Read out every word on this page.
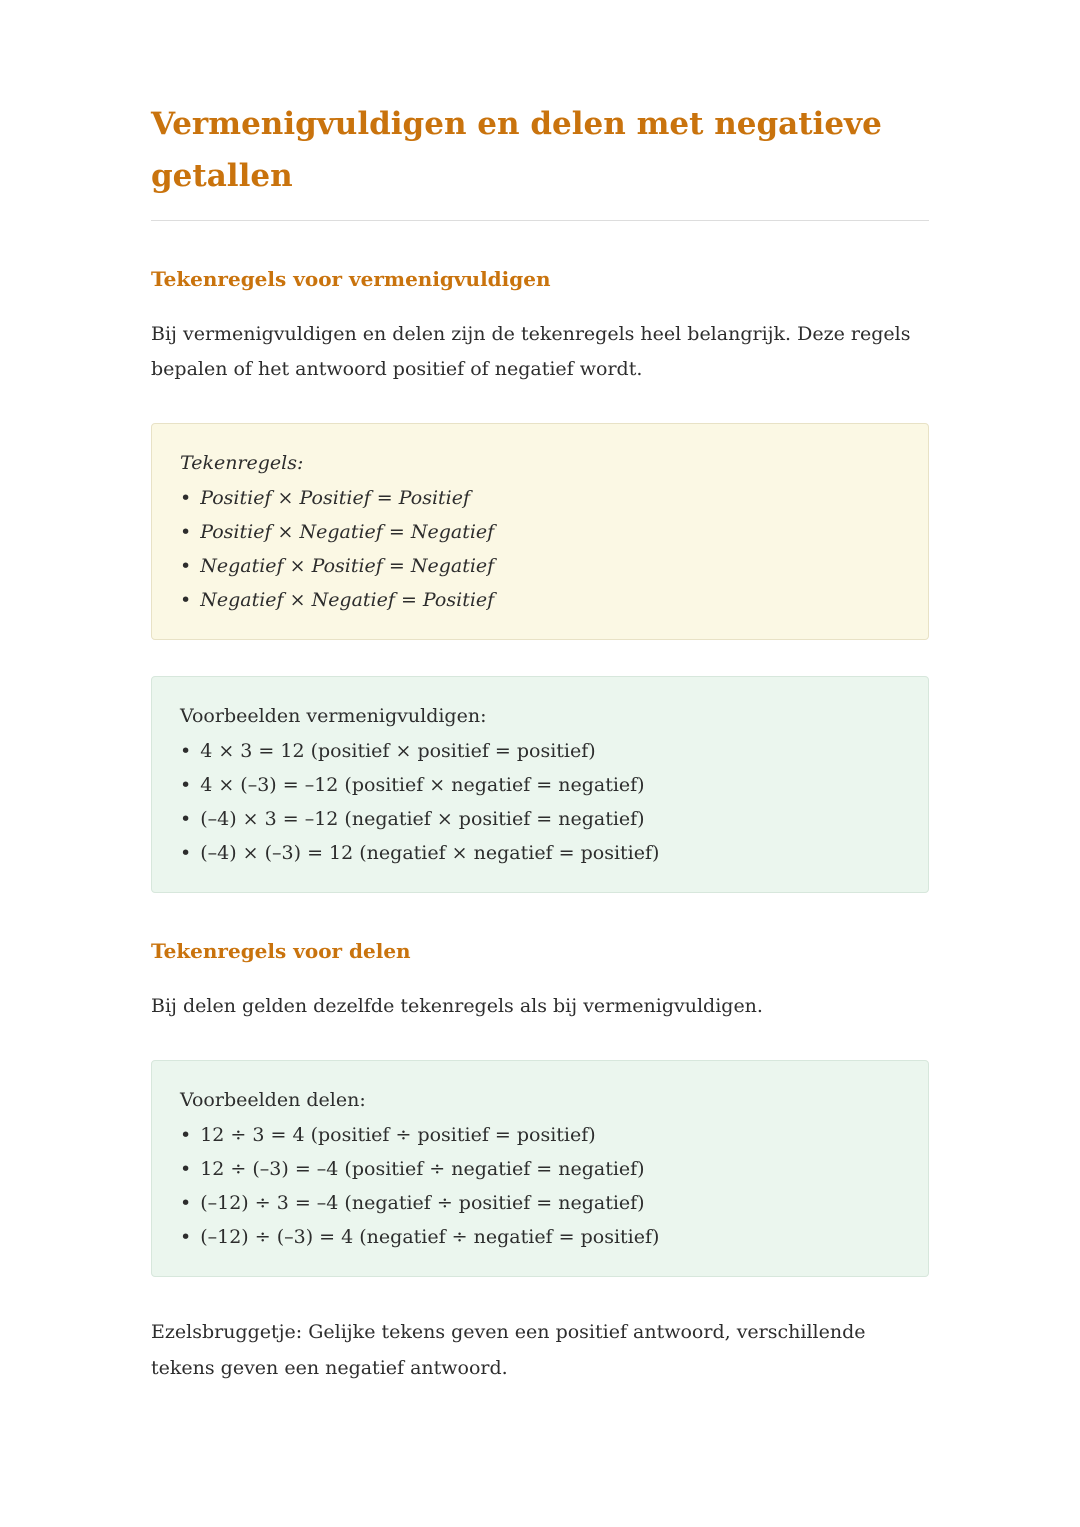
Vermenigvuldigen en delen met negatieve
getallen
Tekenregels voor vermenigvuldigen

Bij vermenigvuldigen en delen zijn de tekenregels heel belangrijk. Deze regels bepalen of het antwoord positief of negatief wordt.

Tekenregels:
• Positief × Positief = Positief
• Positief × Negatief = Negatief
• Negatief × Positief = Negatief
• Negatief × Negatief = Positief
Voorbeelden vermenigvuldigen:
• 4 × 3 = 12 (positief × positief = positief)
• 4 × (–3) = –12 (positief × negatief = negatief)
• (–4) × 3 = –12 (negatief × positief = negatief)
• (–4) × (–3) = 12 (negatief × negatief = positief)
Tekenregels voor delen

Bij delen gelden dezelfde tekenregels als bij vermenigvuldigen.

Voorbeelden delen:
• 12 ÷ 3 = 4 (positief ÷ positief = positief)
• 12 ÷ (–3) = –4 (positief ÷ negatief = negatief)
• (–12) ÷ 3 = –4 (negatief ÷ positief = negatief)
• (–12) ÷ (–3) = 4 (negatief ÷ negatief = positief)

Ezelsbruggetje: Gelijke tekens geven een positief antwoord, verschillende tekens geven een negatief antwoord.
